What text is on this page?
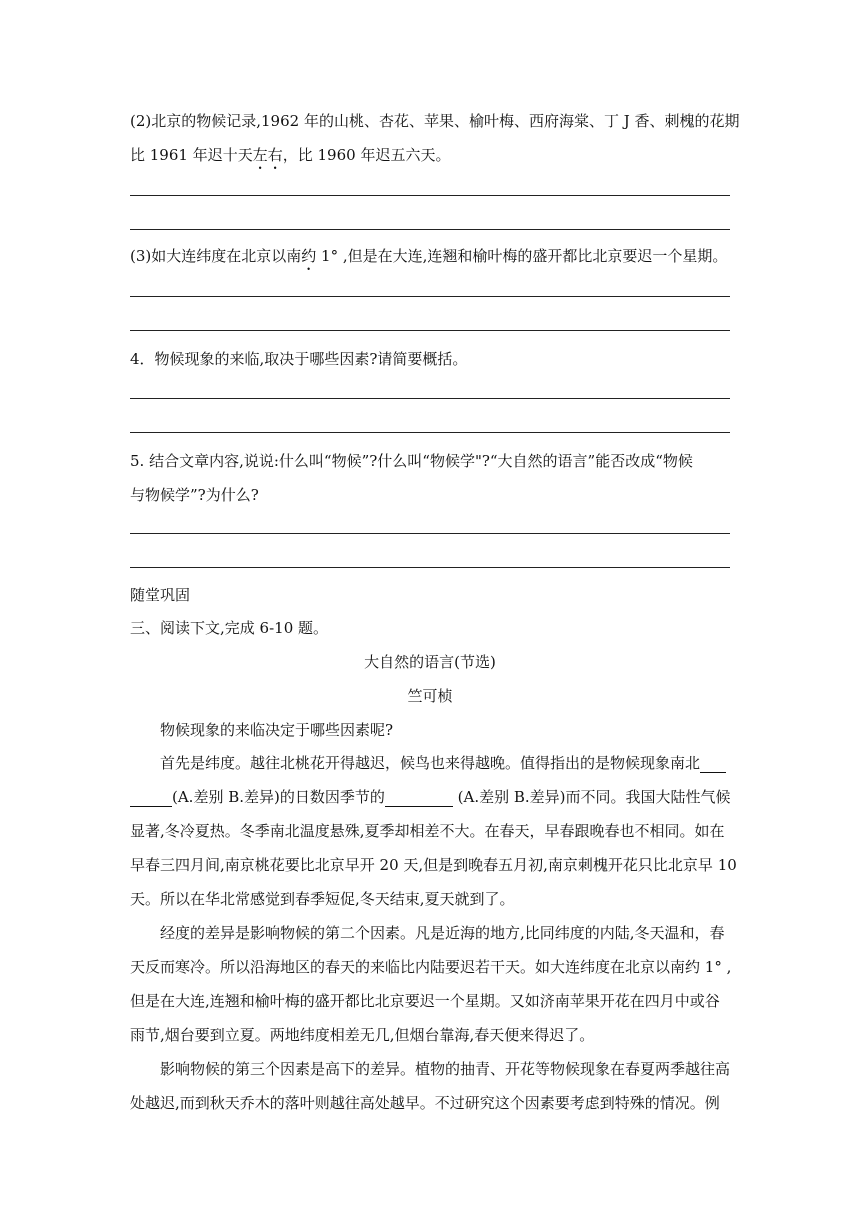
(2)北京的物候记录,1962 年的山桃、杏花、苹果、榆叶梅、西府海棠、丁 J 香、刺槐的花期
比 1961 年迟十天左右，比 1960 年迟五六天。
(3)如大连纬度在北京以南约 1° ,但是在大连,连翘和榆叶梅的盛开都比北京要迟一个星期。
4．物候现象的来临,取决于哪些因素?请简要概括。
5. 结合文章内容,说说:什么叫“物候”?什么叫“物候学"?“大自然的语言”能否改成“物候
与物候学”?为什么?
随堂巩固
三、阅读下文,完成 6-10 题。
大自然的语言(节选)
竺可桢
物候现象的来临决定于哪些因素呢?
首先是纬度。越往北桃花开得越迟，候鸟也来得越晚。值得指出的是物候现象南北
(A.差别 B.差异)的日数因季节的	(A.差别 B.差异)而不同。我国大陆性气候
显著,冬冷夏热。冬季南北温度悬殊,夏季却相差不大。在春天，早春跟晚春也不相同。如在
早春三四月间,南京桃花要比北京早开 20 天,但是到晚春五月初,南京刺槐开花只比北京早 10
天。所以在华北常感觉到春季短促,冬天结束,夏天就到了。
经度的差异是影响物候的第二个因素。凡是近海的地方,比同纬度的内陆,冬天温和，春
天反而寒冷。所以沿海地区的春天的来临比内陆要迟若干天。如大连纬度在北京以南约 1° ,
但是在大连,连翘和榆叶梅的盛开都比北京要迟一个星期。又如济南苹果开花在四月中或谷
雨节,烟台要到立夏。两地纬度相差无几,但烟台靠海,春天便来得迟了。
影响物候的第三个因素是高下的差异。植物的抽青、开花等物候现象在春夏两季越往高
处越迟,而到秋天乔木的落叶则越往高处越早。不过研究这个因素要考虑到特殊的情况。例
